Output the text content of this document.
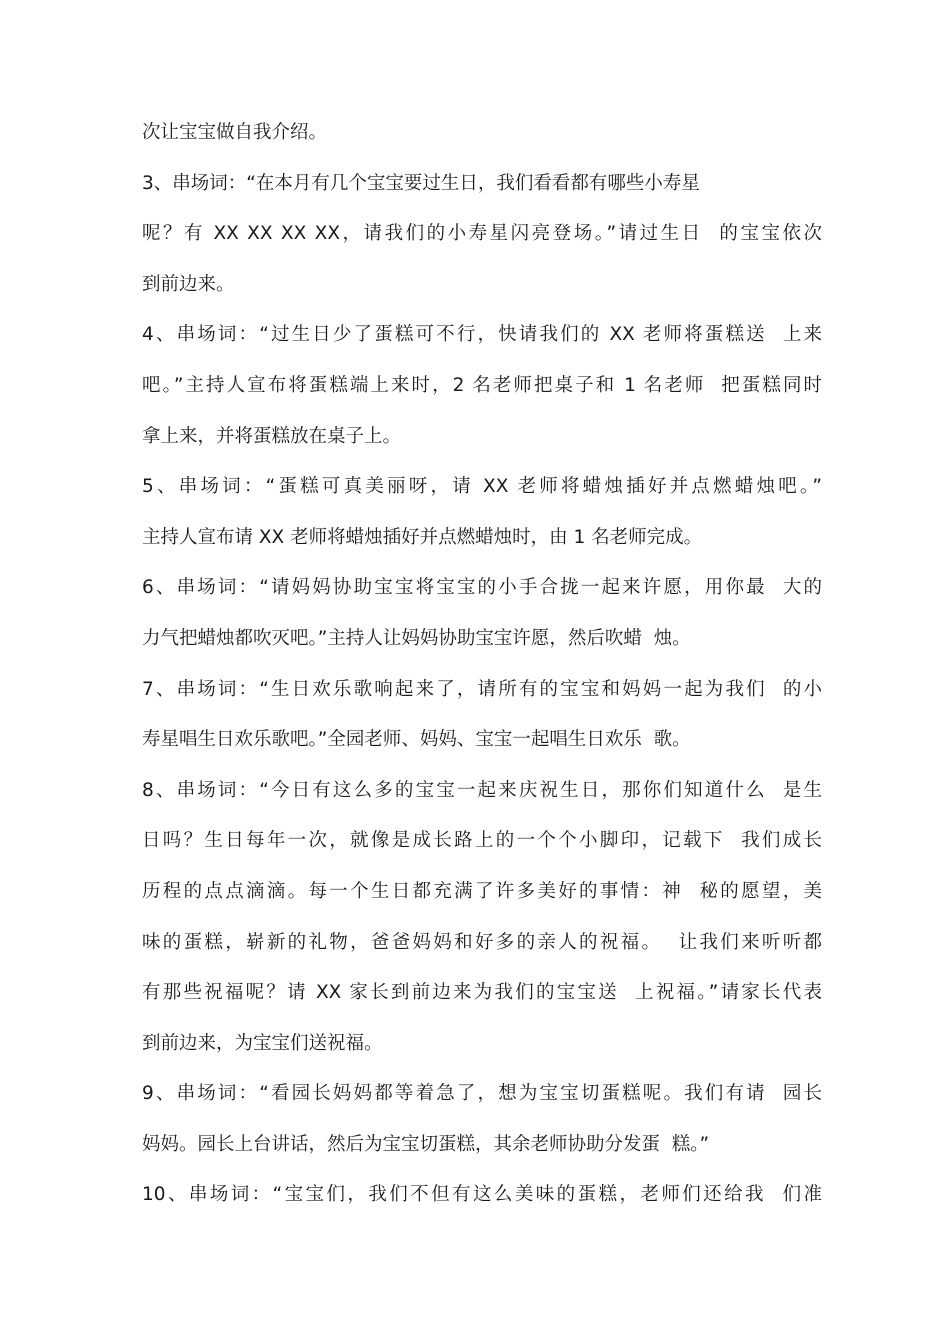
次让宝宝做自我介绍。
3、串场词：“在本月有几个宝宝要过生日，我们看看都有哪些小寿星
呢？有 XX XX XX XX，请我们的小寿星闪亮登场。”请过生日  的宝宝依次
到前边来。
4、串场词：“过生日少了蛋糕可不行，快请我们的 XX 老师将蛋糕送  上来
吧。”主持人宣布将蛋糕端上来时，2 名老师把桌子和 1 名老师  把蛋糕同时
拿上来，并将蛋糕放在桌子上。
5、串场词：“蛋糕可真美丽呀，请 XX 老师将蜡烛插好并点燃蜡烛吧。”
主持人宣布请 XX 老师将蜡烛插好并点燃蜡烛时，由 1 名老师完成。
6、串场词：“请妈妈协助宝宝将宝宝的小手合拢一起来许愿，用你最  大的
力气把蜡烛都吹灭吧。”主持人让妈妈协助宝宝许愿，然后吹蜡  烛。
7、串场词：“生日欢乐歌响起来了，请所有的宝宝和妈妈一起为我们  的小
寿星唱生日欢乐歌吧。”全园老师、妈妈、宝宝一起唱生日欢乐  歌。
8、串场词：“今日有这么多的宝宝一起来庆祝生日，那你们知道什么  是生
日吗？生日每年一次，就像是成长路上的一个个小脚印，记载下  我们成长
历程的点点滴滴。每一个生日都充满了许多美好的事情：神  秘的愿望，美
味的蛋糕，崭新的礼物，爸爸妈妈和好多的亲人的祝福。  让我们来听听都
有那些祝福呢？请 XX 家长到前边来为我们的宝宝送  上祝福。”请家长代表
到前边来，为宝宝们送祝福。
9、串场词：“看园长妈妈都等着急了，想为宝宝切蛋糕呢。我们有请  园长
妈妈。园长上台讲话，然后为宝宝切蛋糕，其余老师协助分发蛋  糕。”
10、串场词：“宝宝们，我们不但有这么美味的蛋糕，老师们还给我  们准
